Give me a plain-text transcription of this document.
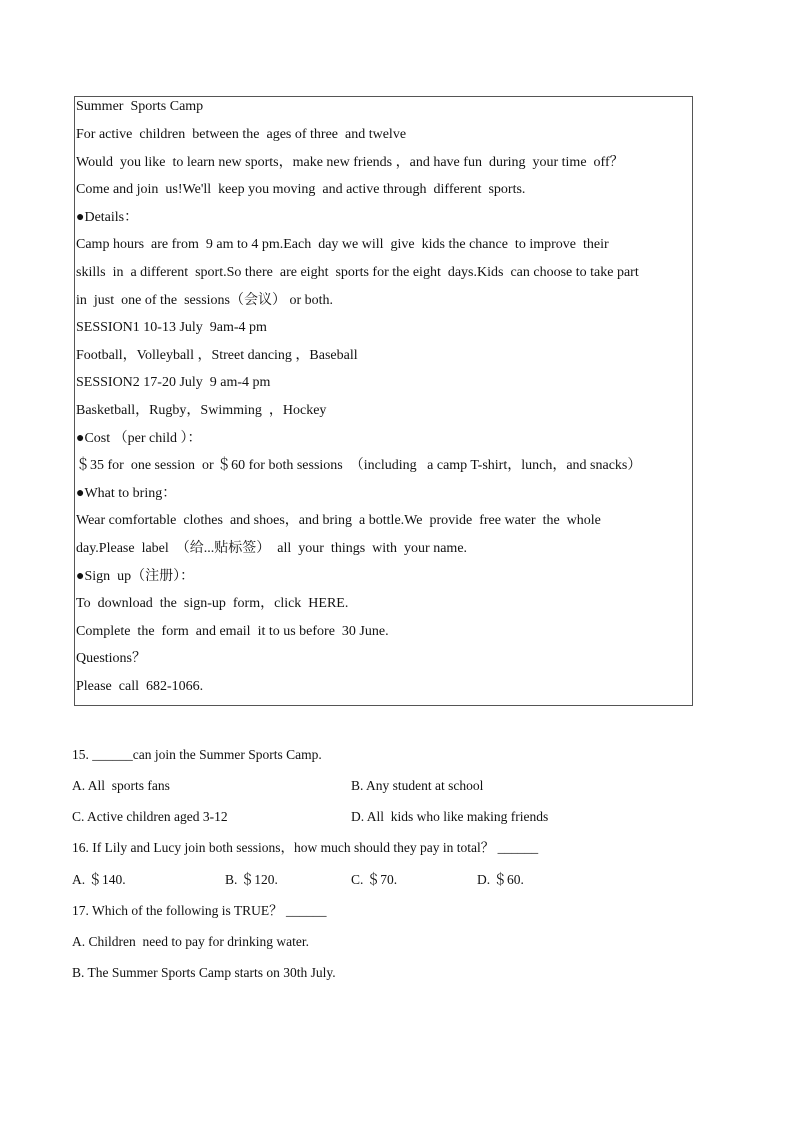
Summer  Sports Camp
For active  children  between the  ages of three  and twelve
Would  you like  to learn new sports，make new friends ，and have fun  during  your time  off？
Come and join  us!We'll  keep you moving  and active through  different  sports.
●Details：
Camp hours  are from  9 am to 4 pm.Each  day we will  give  kids the chance  to improve  their
skills  in  a different  sport.So there  are eight  sports for the eight  days.Kids  can choose to take part
in  just  one of the  sessions（会议） or both.
SESSION1 10-13 July  9am-4 pm
Football，Volleyball ，Street dancing ，Baseball
SESSION2 17-20 July  9 am-4 pm
Basketball，Rugby，Swimming  ，Hockey
●Cost （per child ）：
＄35 for  one session  or ＄60 for both sessions  （including   a camp T-shirt，lunch，and snacks）
●What to bring：
Wear comfortable  clothes  and shoes，and bring  a bottle.We  provide  free water  the  whole
day.Please  label  （给...贴标签）  all  your  things  with  your name.
●Sign  up（注册）：
To  download  the  sign-up  form，click  HERE.
Complete  the  form  and email  it to us before  30 June.
Questions？
Please  call  682-1066.
15. ______can join the Summer Sports Camp.
A. All  sports fans	B. Any student at school
C. Active children aged 3-12	D. All  kids who like making friends
16. If Lily and Lucy join both sessions，how much should they pay in total？ ______
A. ＄140.	B. ＄120.	C. ＄70.	D. ＄60.
17. Which of the following is TRUE？ ______
A. Children  need to pay for drinking water.
B. The Summer Sports Camp starts on 30th July.
